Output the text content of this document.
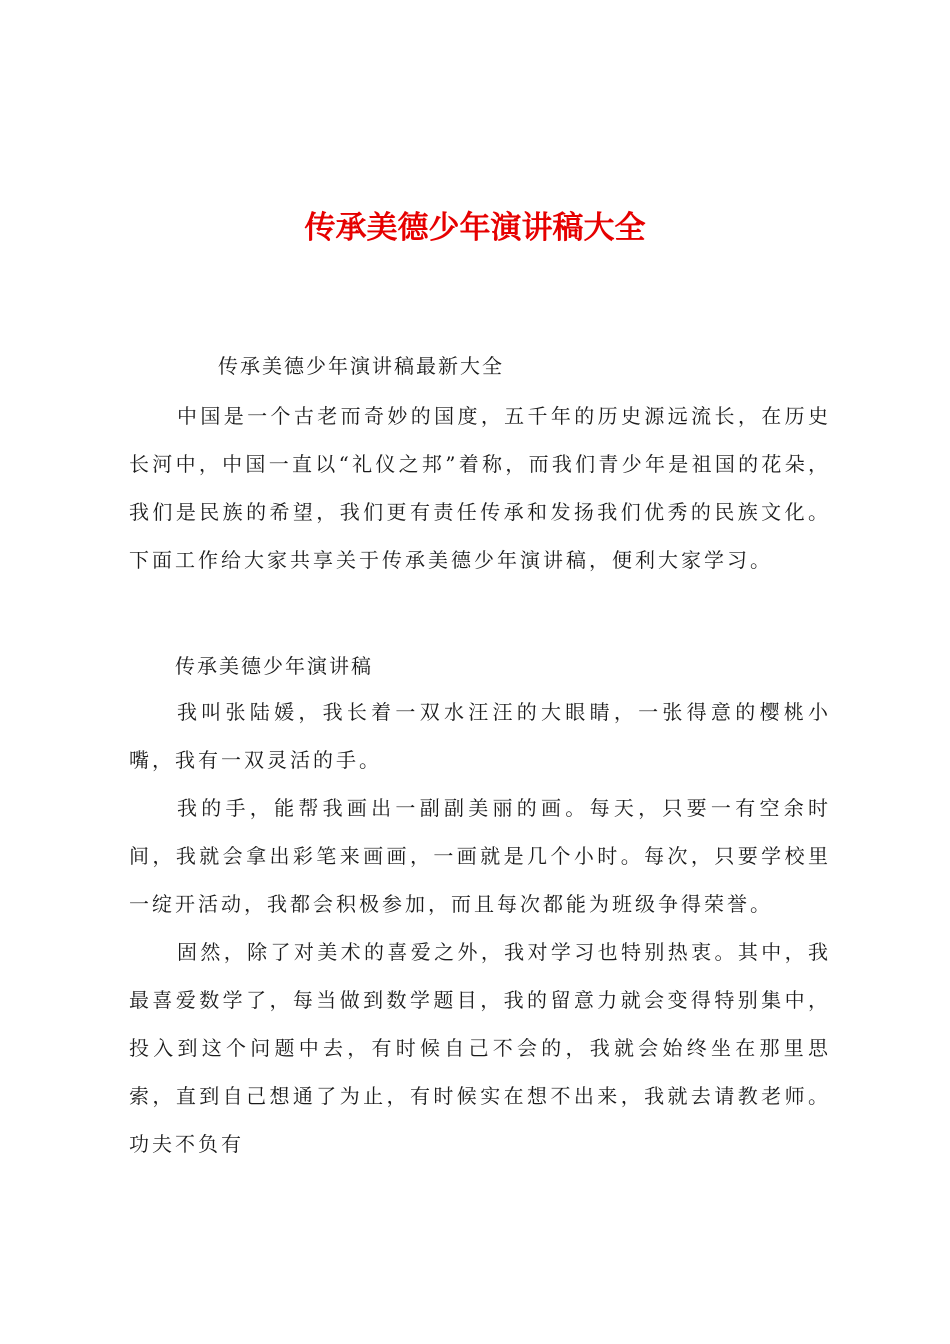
传承美德少年演讲稿大全

传承美德少年演讲稿最新大全

中国是一个古老而奇妙的国度，五千年的历史源远流长，在历史长河中，中国一直以“礼仪之邦”着称，而我们青少年是祖国的花朵，我们是民族的希望，我们更有责任传承和发扬我们优秀的民族文化。下面工作给大家共享关于传承美德少年演讲稿，便利大家学习。

传承美德少年演讲稿

我叫张陆媛，我长着一双水汪汪的大眼睛，一张得意的樱桃小嘴，我有一双灵活的手。

我的手，能帮我画出一副副美丽的画。每天，只要一有空余时间，我就会拿出彩笔来画画，一画就是几个小时。每次，只要学校里一绽开活动，我都会积极参加，而且每次都能为班级争得荣誉。

固然，除了对美术的喜爱之外，我对学习也特别热衷。其中，我最喜爱数学了，每当做到数学题目，我的留意力就会变得特别集中，投入到这个问题中去，有时候自己不会的，我就会始终坐在那里思索，直到自己想通了为止，有时候实在想不出来，我就去请教老师。功夫不负有
